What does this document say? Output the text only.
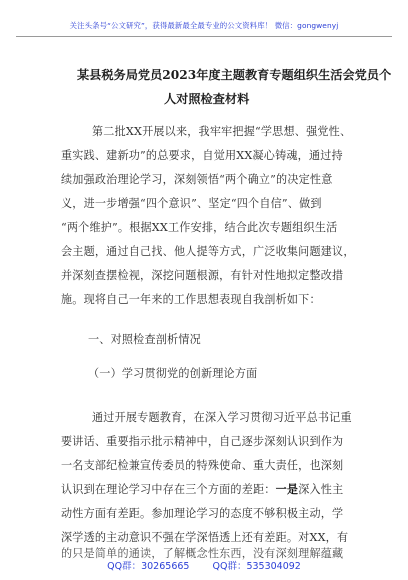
关注头条号“公文研究”，获得最新最全最专业的公文资料库！ 微信：gongwenyj
某县税务局党员2023年度主题教育专题组织生活会党员个
人对照检查材料
第二批XX开展以来，我牢牢把握“学思想、强党性、
重实践、建新功”的总要求，自觉用XX凝心铸魂，通过持
续加强政治理论学习，深刻领悟“两个确立”的决定性意
义，进一步增强“四个意识”、坚定“四个自信”、做到
“两个维护”。根据XX工作安排，结合此次专题组织生活
会主题，通过自己找、他人提等方式，广泛收集问题建议，
并深刻查摆检视，深挖问题根源，有针对性地拟定整改措
施。现将自己一年来的工作思想表现自我剖析如下：
一、对照检查剖析情况
（一）学习贯彻党的创新理论方面
通过开展专题教育，在深入学习贯彻习近平总书记重
要讲话、重要指示批示精神中，自己逐步深刻认识到作为
一名支部纪检兼宣传委员的特殊使命、重大责任，也深刻
认识到在理论学习中存在三个方面的差距：一是深入性主
动性方面有差距。参加理论学习的态度不够积极主动，学
深学透的主动意识不强在学深悟透上还有差距。对XX，有
的只是简单的通读，了解概念性东西，没有深刻理解蕴藏
QQ群：30265665 QQ群：535304092
